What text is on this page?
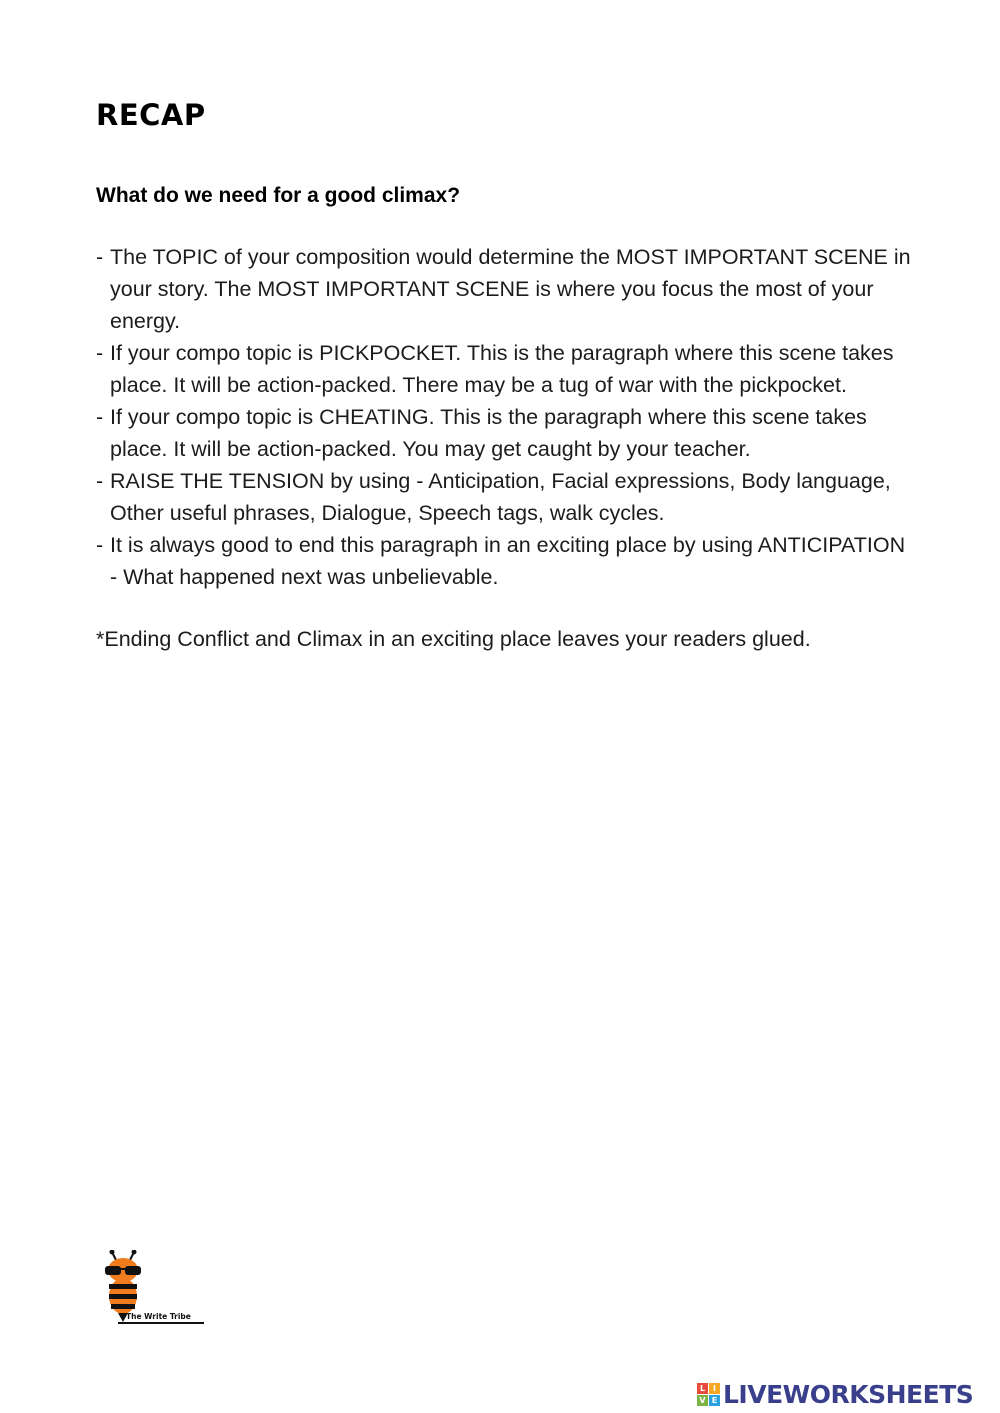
RECAP

What do we need for a good climax?

- The TOPIC of your composition would determine the MOST IMPORTANT SCENE in your story. The MOST IMPORTANT SCENE is where you focus the most of your energy.
- If your compo topic is PICKPOCKET. This is the paragraph where this scene takes place. It will be action-packed. There may be a tug of war with the pickpocket.
- If your compo topic is CHEATING. This is the paragraph where this scene takes place. It will be action-packed. You may get caught by your teacher.
- RAISE THE TENSION by using - Anticipation, Facial expressions, Body language, Other useful phrases, Dialogue, Speech tags, walk cycles.
- It is always good to end this paragraph in an exciting place by using ANTICIPATION - What happened next was unbelievable.

*Ending Conflict and Climax in an exciting place leaves your readers glued.

The Write Tribe
L I
V E LIVEWORKSHEETS
